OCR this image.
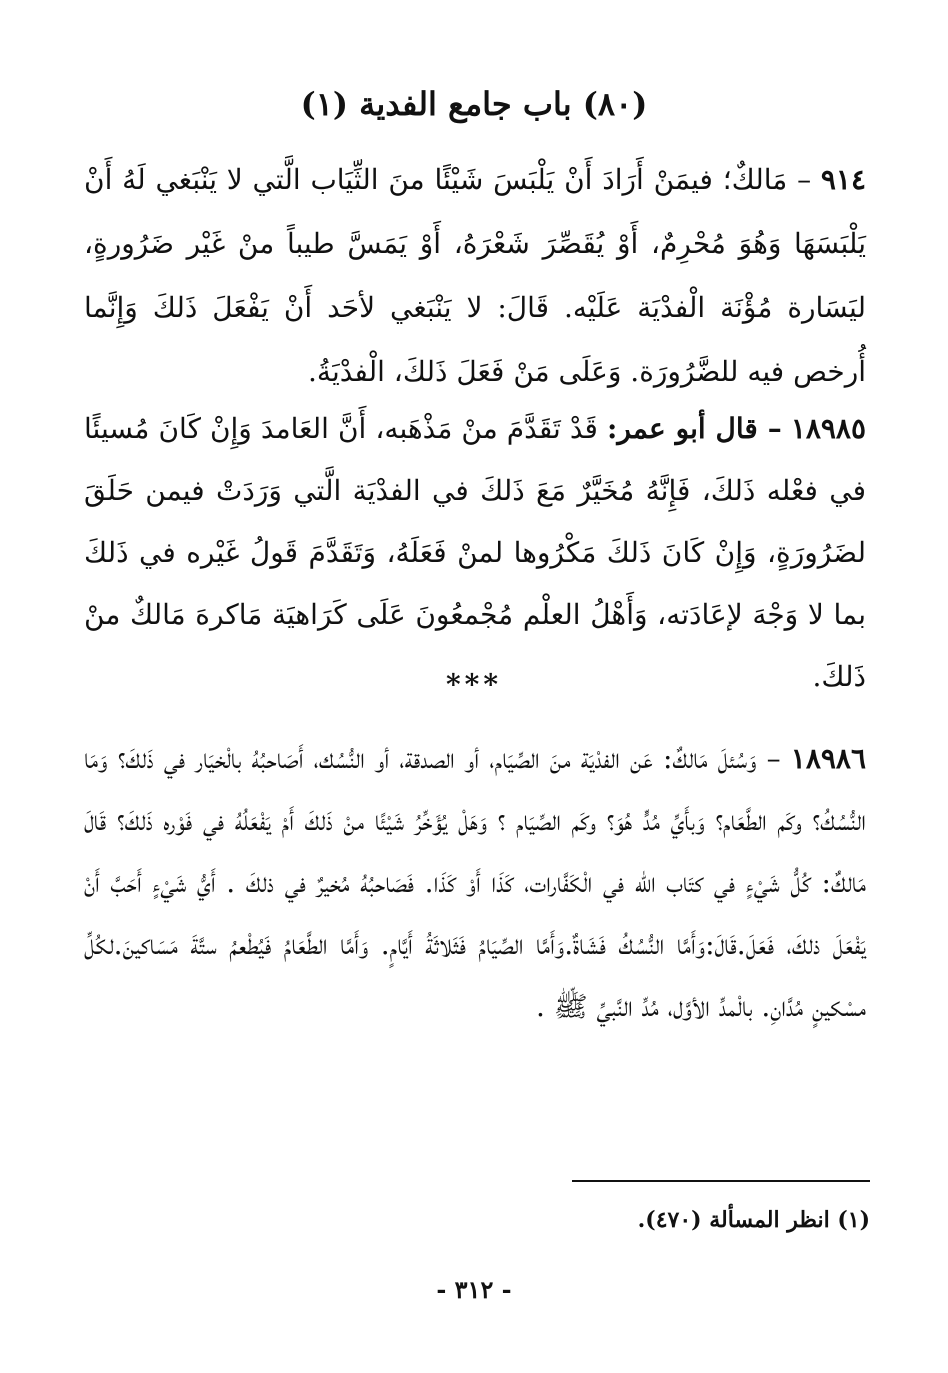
(٨٠) باب جامع الفدية (١)
٩١٤ – مَالكٌ؛ فيمَنْ أَرَادَ أَنْ يَلْبَسَ شَيْئًا منَ الثِّيَاب الَّتي لا يَنْبَغي لَهُ أَنْ يَلْبَسَهَا وَهُوَ مُحْرِمٌ، أَوْ يُقَصِّرَ شَعْرَهُ، أَوْ يَمَسَّ طيباً منْ غَيْر ضَرُورةٍ، ليَسَارة مُؤْنَة الْفدْيَة عَلَيْه. قَالَ: لا يَنْبَغي لأحَد أَنْ يَفْعَلَ ذَلكَ وَإِنَّما أُرخص فيه للضَّرُورَة. وَعَلَى مَنْ فَعَلَ ذَلكَ، الْفدْيَةُ.
١٨٩٨٥ – قال أبو عمر: قَدْ تَقَدَّمَ منْ مَذْهَبه، أَنَّ العَامدَ وَإِنْ كَانَ مُسيئًا في فعْله ذَلكَ، فَإِنَّهُ مُخَيَّرٌ مَعَ ذَلكَ في الفدْيَة الَّتي وَرَدَتْ فيمن حَلَقَ لضَرُورَةٍ، وَإِنْ كَانَ ذَلكَ مَكْرُوها لمنْ فَعَلَهُ، وَتَقَدَّمَ قَولُ غَيْره في ذَلكَ بما لا وَجْهَ لإعَادَته، وَأَهْلُ العلْم مُجْمعُونَ عَلَى كَرَاهيَة مَاكرهَ مَالكٌ منْ ذَلكَ.
***
١٨٩٨٦ – وَسُئلَ مَالكٌ: عَن الفدْيَة منَ الصِّيَام، أو الصدقة، أو النُّسُك، أَصَاحبُهُ بالْخيَار في ذَلكَ؟ وَمَا النُّسُكُ؟ وكَم الطَّعَام؟ وَبأَيِّ مُدٍّ هُوَ؟ وكَم الصِّيَام ؟ وَهَلْ يُؤَخِّرُ شَيْئًا منْ ذَلكَ أَمْ يَفْعَلُهُ في فَوْره ذَلكَ؟ قَالَ مَالكٌ: كُلُّ شَيْءٍ في كتَاب اللّه في الْكَفَّارات، كَذَا أَوْ كَذَا. فَصَاحبُهُ مُخيرٌ في ذلكَ . أَيُّ شَيْءٍ أَحَبَّ أَنْ يَفْعَلَ ذلكَ، فَعَلَ.قَالَ:وَأَمَّا النُّسُكُ فَشَاةٌ.وَأَمَّا الصِّيَامُ فَثَلاثَةُ أَيَّامٍ. وَأَمَّا الطَّعَامُ فَيُطْعمُ ستَّةَ مَسَاكينَ.لكُلِّ مسْكينٍ مُدَّانِ. بالْمدِّ الأوَّل، مُدِّ النَّبيِّ ﷺ .
(١) انظر المسألة (٤٧٠).
- ٣١٢ -
